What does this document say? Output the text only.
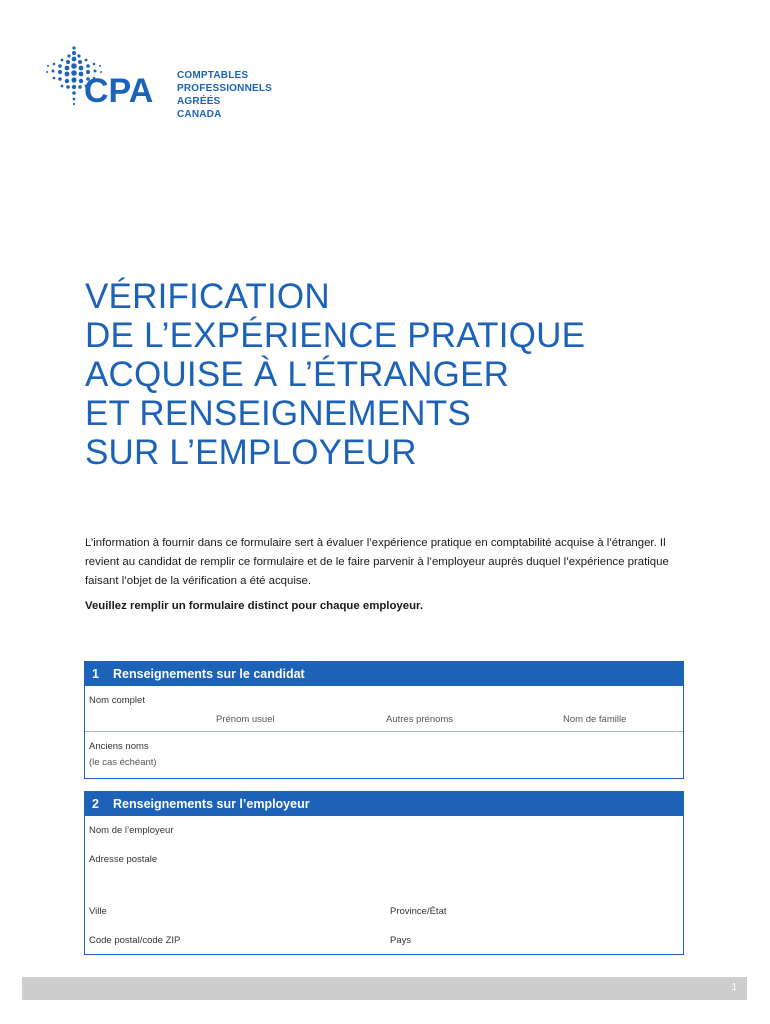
CPA COMPTABLES
PROFESSIONNELS
AGRÉÉS
CANADA
VÉRIFICATION
DE L’EXPÉRIENCE PRATIQUE
ACQUISE À L’ÉTRANGER
ET RENSEIGNEMENTS
SUR L’EMPLOYEUR

L’information à fournir dans ce formulaire sert à évaluer l’expérience pratique en comptabilité acquise à l’étranger. Il revient au candidat de remplir ce formulaire et de le faire parvenir à l’employeur auprès duquel l’expérience pratique faisant l’objet de la vérification a été acquise.

Veuillez remplir un formulaire distinct pour chaque employeur.

1	Renseignements sur le candidat
Nom complet
Prénom usuel	Autres prénoms	Nom de famille
Anciens noms
(le cas échéant)
2	Renseignements sur l’employeur
Nom de l’employeur
Adresse postale
Ville	Province/État
Code postal/code ZIP	Pays
1
